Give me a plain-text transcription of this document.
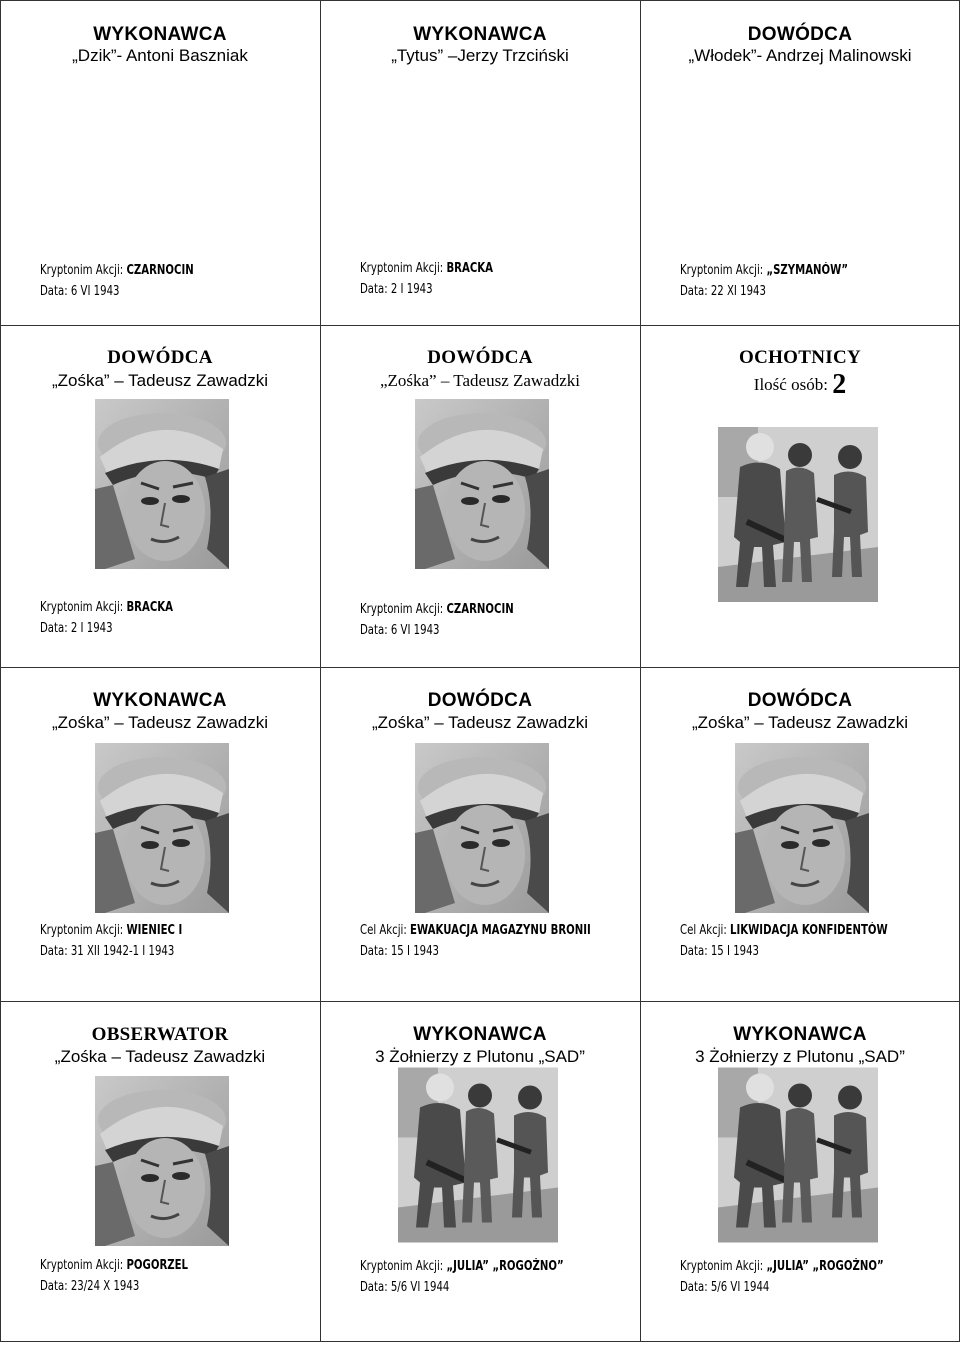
WYKONAWCA
„Dzik”- Antoni Baszniak
Kryptonim Akcji: CZARNOCIN
Data: 6 VI 1943
WYKONAWCA
„Tytus” –Jerzy Trzciński
Kryptonim Akcji: BRACKA
Data: 2 I 1943
DOWÓDCA
„Włodek”- Andrzej Malinowski
Kryptonim Akcji: „SZYMANÓW”
Data: 22 XI 1943
DOWÓDCA
„Zośka” – Tadeusz Zawadzki
Kryptonim Akcji: BRACKA
Data: 2 I 1943
DOWÓDCA
„Zośka” – Tadeusz Zawadzki
Kryptonim Akcji: CZARNOCIN
Data: 6 VI 1943
OCHOTNICY
Ilość osób: 2
WYKONAWCA
„Zośka” – Tadeusz Zawadzki
Kryptonim Akcji: WIENIEC I
Data: 31 XII 1942-1 I 1943
DOWÓDCA
„Zośka” – Tadeusz Zawadzki
Cel Akcji: EWAKUACJA MAGAZYNU BRONII
Data: 15 I 1943
DOWÓDCA
„Zośka” – Tadeusz Zawadzki
Cel Akcji: LIKWIDACJA KONFIDENTÓW
Data: 15 I 1943
OBSERWATOR
„Zośka – Tadeusz Zawadzki
Kryptonim Akcji: POGORZEL
Data: 23/24 X 1943
WYKONAWCA
3 Żołnierzy z Plutonu „SAD”
Kryptonim Akcji: „JULIA” „ROGOŻNO”
Data: 5/6 VI 1944
WYKONAWCA
3 Żołnierzy z Plutonu „SAD”
Kryptonim Akcji: „JULIA” „ROGOŻNO”
Data: 5/6 VI 1944
